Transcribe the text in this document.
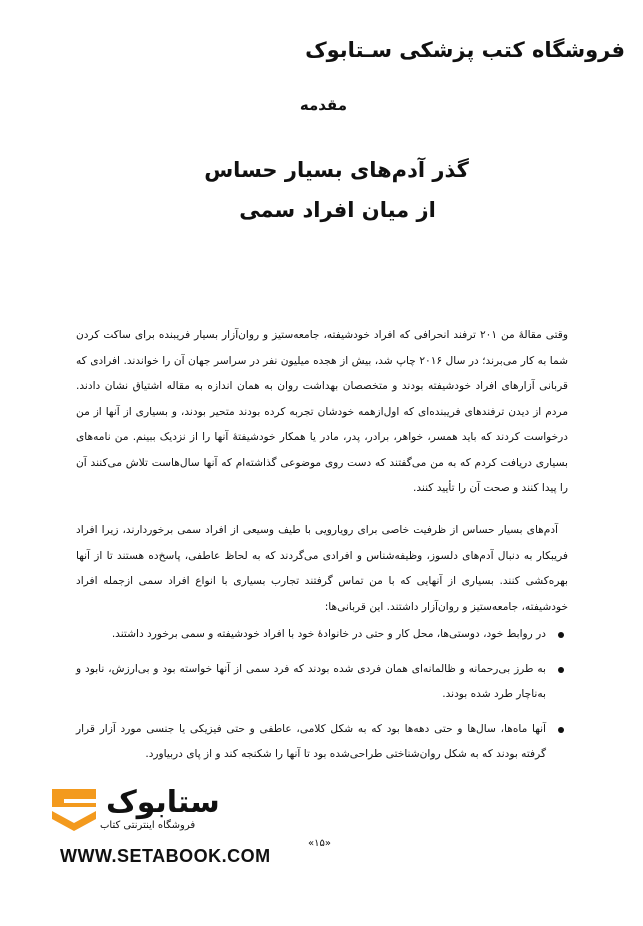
فروشگاه کتب پزشکی سـتابوک
مقدمه
گذر آدم‌های بسیار حساس
از میان افراد سمی

وقتی مقالهٔ من ۲۰۱ ترفند انحرافی که افراد خودشیفته، جامعه‌ستیز و روان‌آزار بسیار فریبنده برای ساکت کردن شما به کار می‌برند؛ در سال ۲۰۱۶ چاپ شد، بیش از هجده میلیون نفر در سراسر جهان آن را خواندند. افرادی که قربانی آزارهای افراد خودشیفته بودند و متخصصان بهداشت روان به همان اندازه به مقاله اشتیاق نشان دادند. مردم از دیدن ترفندهای فریبنده‌ای که اول‌ازهمه خودشان تجربه کرده بودند متحیر بودند، و بسیاری از آنها از من درخواست کردند که باید همسر، خواهر، برادر، پدر، مادر یا همکار خودشیفتهٔ آنها را از نزدیک ببینم. من نامه‌های بسیاری دریافت کردم که به من می‌گفتند که دست روی موضوعی گذاشته‌ام که آنها سال‌هاست تلاش می‌کنند آن را پیدا کنند و صحت آن را تأیید کنند.

آدم‌های بسیار حساس از ظرفیت خاصی برای رویارویی با طیف وسیعی از افراد سمی برخوردارند، زیرا افراد فریبکار به دنبال آدم‌های دلسوز، وظیفه‌شناس و افرادی می‌گردند که به لحاظ عاطفی، پاسخ‌ده هستند تا از آنها بهره‌کشی کنند. بسیاری از آنهایی که با من تماس گرفتند تجارب بسیاری با انواع افراد سمی ازجمله افراد خودشیفته، جامعه‌ستیز و روان‌آزار داشتند. این قربانی‌ها:

در روابط خود، دوستی‌ها، محل کار و حتی در خانوادهٔ خود با افراد خودشیفته و سمی برخورد داشتند.
به طرز بی‌رحمانه و ظالمانه‌ای همان فردی شده بودند که فرد سمی از آنها خواسته بود و بی‌ارزش، نابود و به‌ناچار طرد شده بودند.
آنها ماه‌ها، سال‌ها و حتی دهه‌ها بود که به شکل کلامی، عاطفی و حتی فیزیکی یا جنسی مورد آزار قرار گرفته بودند که به شکل روان‌شناختی طراحی‌شده بود تا آنها را شکنجه کند و از پای دربیاورد.
«۱۵»
ستابوک
فروشگاه اینترنتی کتاب
WWW.SETABOOK.COM
